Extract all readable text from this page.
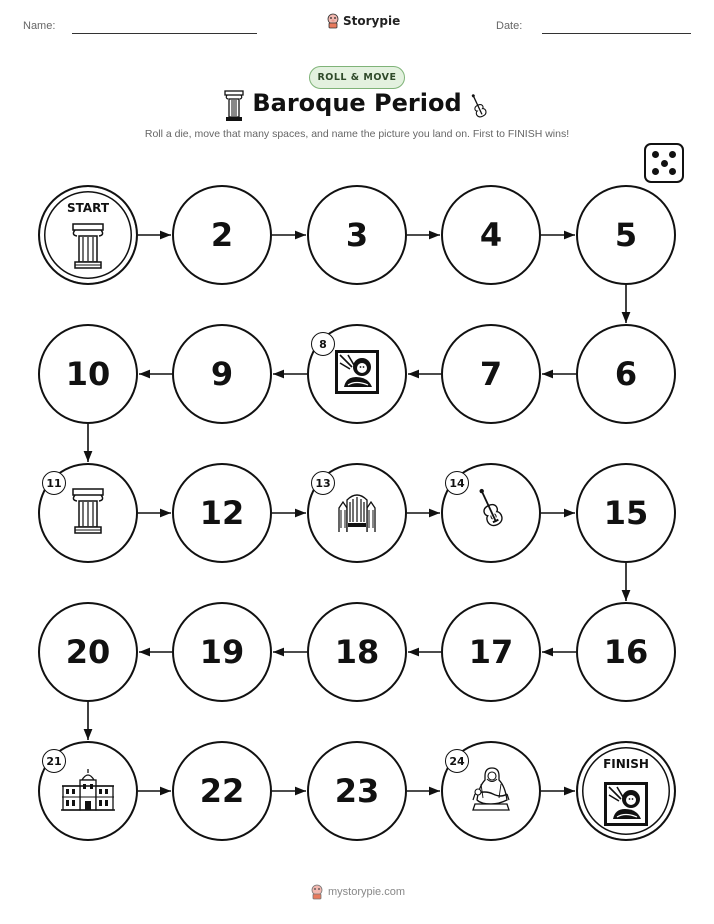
Name:	Storypie	Date:
ROLL & MOVE
Baroque Period
Roll a die, move that many spaces, and name the picture you land on. First to FINISH wins!
START
2	3	4	5
6
7
8
9
10
11
12
13	14
15
16
17
18
19
20
21
22	23
24	FINISH
mystorypie.com
